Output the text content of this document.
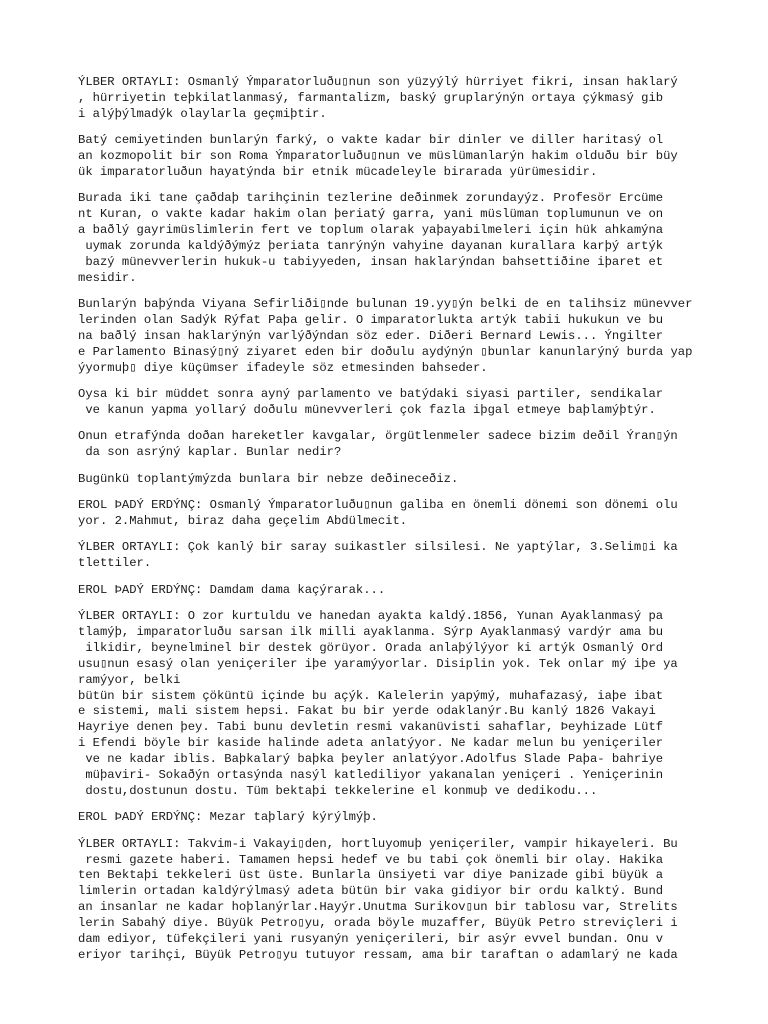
ÝLBER ORTAYLI: Osmanlý Ýmparatorluðu▯nun son yüzyýlý hürriyet fikri, insan haklarý
, hürriyetin teþkilatlanmasý, farmantalizm, baský gruplarýnýn ortaya çýkmasý gib
i alýþýlmadýk olaylarla geçmiþtir.
Batý cemiyetinden bunlarýn farký, o vakte kadar bir dinler ve diller haritasý ol
an kozmopolit bir son Roma Ýmparatorluðu▯nun ve müslümanlarýn hakim olduðu bir büy
ük imparatorluðun hayatýnda bir etnik mücadeleyle birarada yürümesidir.
Burada iki tane çaðdaþ tarihçinin tezlerine deðinmek zorundayýz. Profesör Ercüme
nt Kuran, o vakte kadar hakim olan þeriatý garra, yani müslüman toplumunun ve on
a baðlý gayrimüslimlerin fert ve toplum olarak yaþayabilmeleri için hük ahkamýna
uymak zorunda kaldýðýmýz þeriata tanrýnýn vahyine dayanan kurallara karþý artýk
bazý münevverlerin hukuk-u tabiyyeden, insan haklarýndan bahsettiðine iþaret et
mesidir.
Bunlarýn baþýnda Viyana Sefirliði▯nde bulunan 19.yy▯ýn belki de en talihsiz münevver
lerinden olan Sadýk Rýfat Paþa gelir. O imparatorlukta artýk tabii hukukun ve bu
na baðlý insan haklarýnýn varlýðýndan söz eder. Diðeri Bernard Lewis... Ýngilter
e Parlamento Binasý▯ný ziyaret eden bir doðulu aydýnýn ▯bunlar kanunlarýný burda yap
ýyormuþ▯ diye küçümser ifadeyle söz etmesinden bahseder.
Oysa ki bir müddet sonra ayný parlamento ve batýdaki siyasi partiler, sendikalar
ve kanun yapma yollarý doðulu münevverleri çok fazla iþgal etmeye baþlamýþtýr.
Onun etrafýnda doðan hareketler kavgalar, örgütlenmeler sadece bizim deðil Ýran▯ýn
da son asrýný kaplar. Bunlar nedir?
Bugünkü toplantýmýzda bunlara bir nebze deðineceðiz.
EROL ÞADÝ ERDÝNÇ: Osmanlý Ýmparatorluðu▯nun galiba en önemli dönemi son dönemi olu
yor. 2.Mahmut, biraz daha geçelim Abdülmecit.
ÝLBER ORTAYLI: Çok kanlý bir saray suikastler silsilesi. Ne yaptýlar, 3.Selim▯i ka
tlettiler.
EROL ÞADÝ ERDÝNÇ: Damdam dama kaçýrarak...
ÝLBER ORTAYLI: O zor kurtuldu ve hanedan ayakta kaldý.1856, Yunan Ayaklanmasý pa
tlamýþ, imparatorluðu sarsan ilk milli ayaklanma. Sýrp Ayaklanmasý vardýr ama bu
ilkidir, beynelminel bir destek görüyor. Orada anlaþýlýyor ki artýk Osmanlý Ord
usu▯nun esasý olan yeniçeriler iþe yaramýyorlar. Disiplin yok. Tek onlar mý iþe ya
ramýyor, belki
bütün bir sistem çöküntü içinde bu açýk. Kalelerin yapýmý, muhafazasý, iaþe ibat
e sistemi, mali sistem hepsi. Fakat bu bir yerde odaklanýr.Bu kanlý 1826 Vakayi
Hayriye denen þey. Tabi bunu devletin resmi vakanüvisti sahaflar, Þeyhizade Lütf
i Efendi böyle bir kaside halinde adeta anlatýyor. Ne kadar melun bu yeniçeriler
ve ne kadar iblis. Baþkalarý baþka þeyler anlatýyor.Adolfus Slade Paþa- bahriye
müþaviri- Sokaðýn ortasýnda nasýl katlediliyor yakanalan yeniçeri . Yeniçerinin
dostu,dostunun dostu. Tüm bektaþi tekkelerine el konmuþ ve dedikodu...
EROL ÞADÝ ERDÝNÇ: Mezar taþlarý kýrýlmýþ.
ÝLBER ORTAYLI: Takvim-i Vakayi▯den, hortluyomuþ yeniçeriler, vampir hikayeleri. Bu
resmi gazete haberi. Tamamen hepsi hedef ve bu tabi çok önemli bir olay. Hakika
ten Bektaþi tekkeleri üst üste. Bunlarla ünsiyeti var diye Þanizade gibi büyük a
limlerin ortadan kaldýrýlmasý adeta bütün bir vaka gidiyor bir ordu kalktý. Bund
an insanlar ne kadar hoþlanýrlar.Hayýr.Unutma Surikov▯un bir tablosu var, Strelits
lerin Sabahý diye. Büyük Petro▯yu, orada böyle muzaffer, Büyük Petro streviçleri i
dam ediyor, tüfekçileri yani rusyanýn yeniçerileri, bir asýr evvel bundan. Onu v
eriyor tarihçi, Büyük Petro▯yu tutuyor ressam, ama bir taraftan o adamlarý ne kada
